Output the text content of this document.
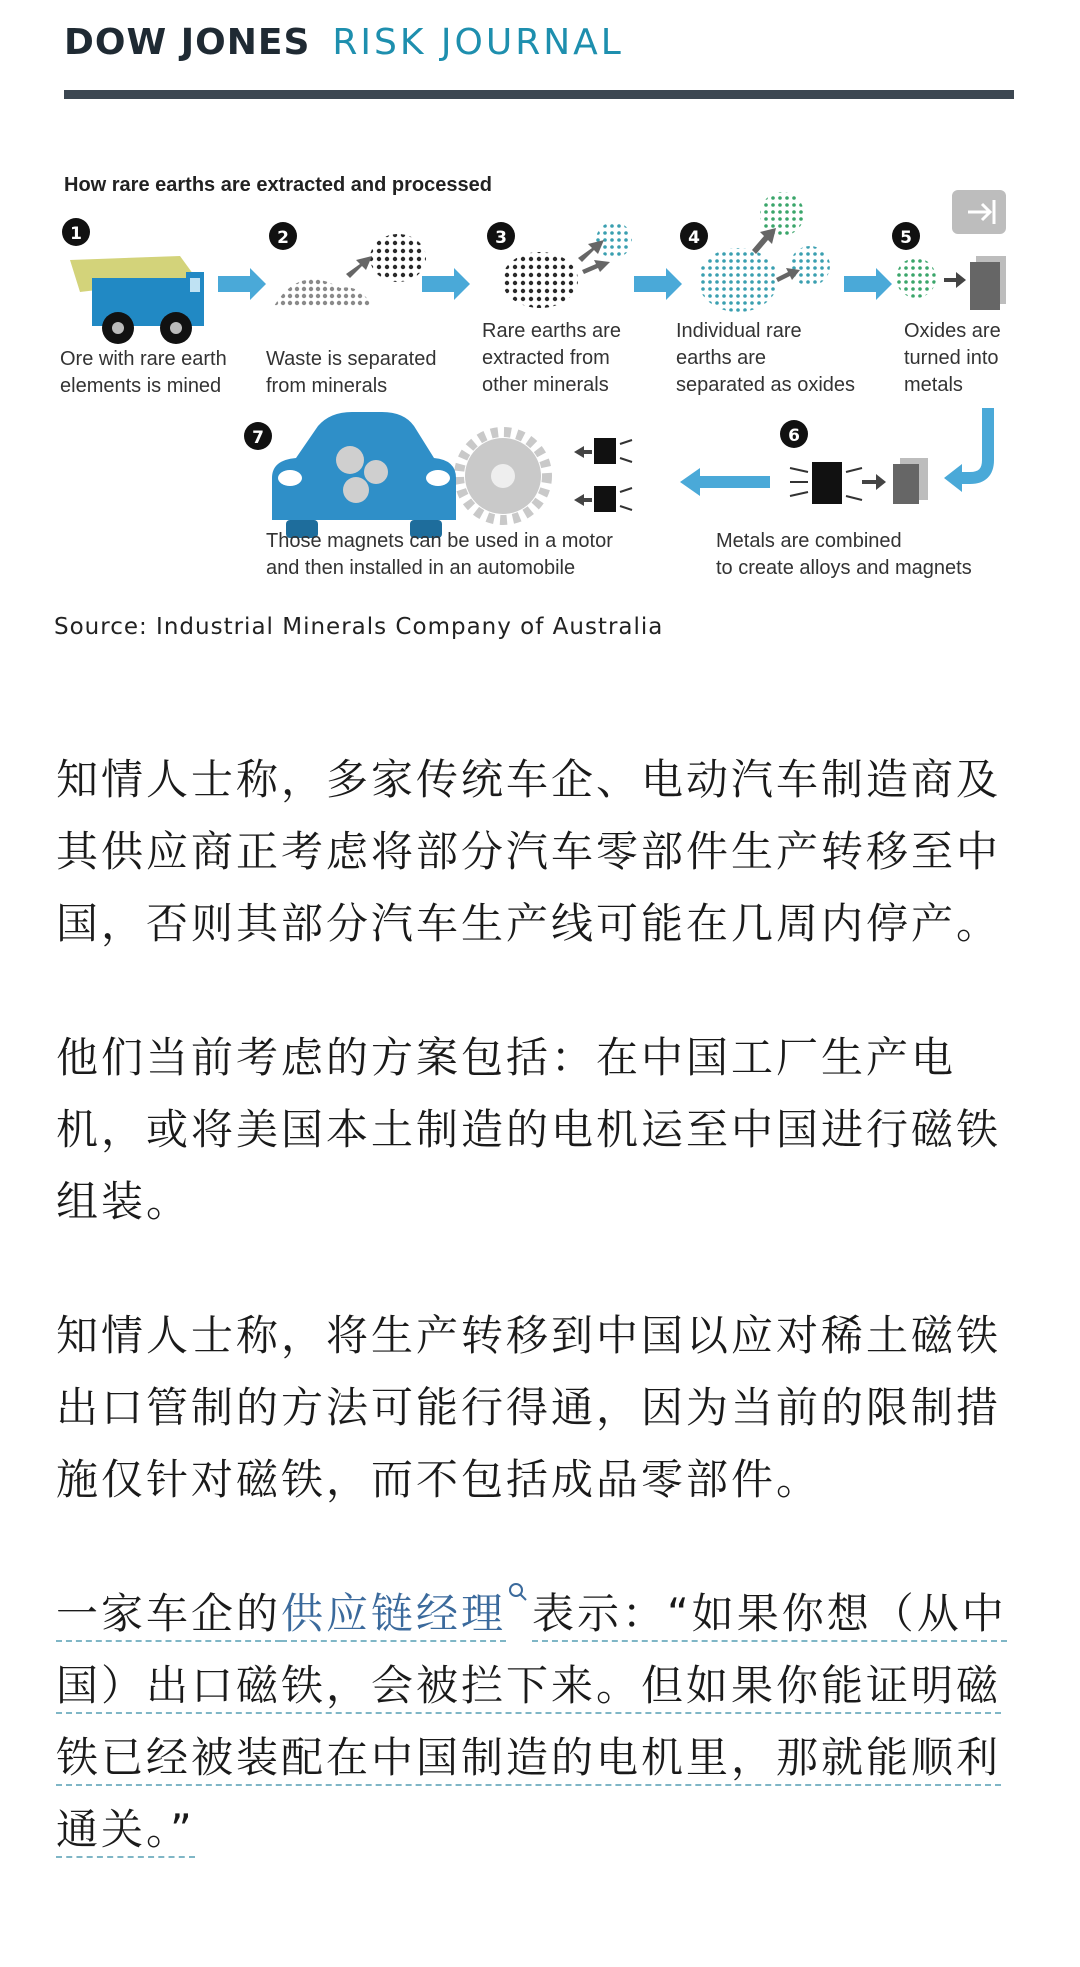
DOW JONES RISK JOURNAL
1	2	3	4	5
6
7
How rare earths are extracted and processed
Ore with rare earth
elements is mined
Waste is separated
from minerals
Rare earths are
extracted from
other minerals
Individual rare
earths are
separated as oxides
Oxides are
turned into
metals
Metals are combined
to create alloys and magnets
Those magnets can be used in a motor
and then installed in an automobile
Source: Industrial Minerals Company of Australia

知情人士称，多家传统车企、电动汽车制造商及其供应商正考虑将部分汽车零部件生产转移至中国，否则其部分汽车生产线可能在几周内停产。

他们当前考虑的方案包括：在中国工厂生产电机，或将美国本土制造的电机运至中国进行磁铁组装。

知情人士称，将生产转移到中国以应对稀土磁铁出口管制的方法可能行得通，因为当前的限制措施仅针对磁铁，而不包括成品零部件。

一家车企的供应链经理 表示：“如果你想（从中国）出口磁铁，会被拦下来。但如果你能证明磁铁已经被装配在中国制造的电机里，那就能顺利通关。”
